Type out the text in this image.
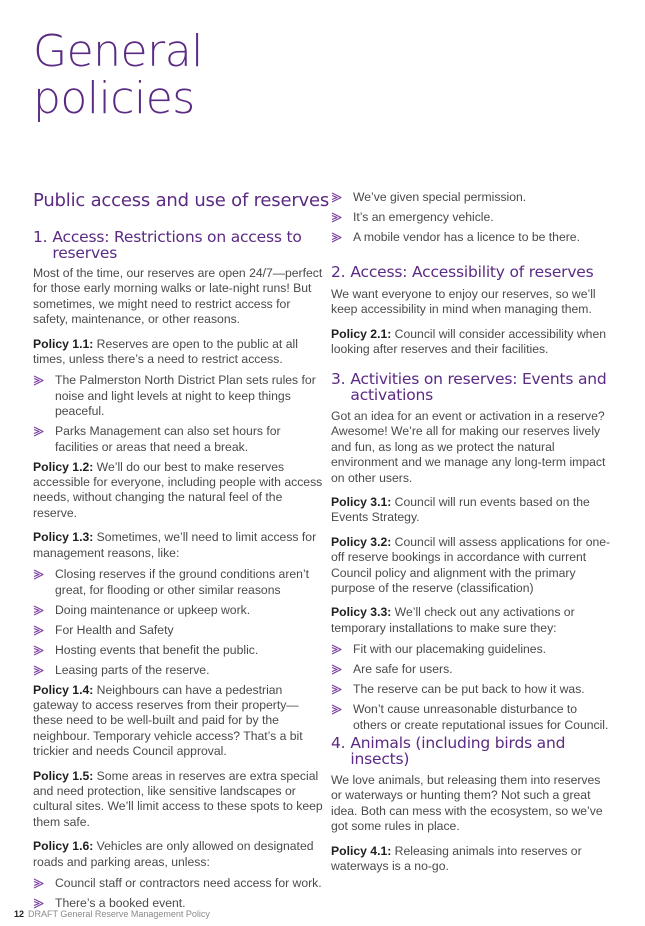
General
policies
Public access and use of reserves
1. Access: Restrictions on access to reserves

Most of the time, our reserves are open 24/7—perfect for those early morning walks or late-night runs! But sometimes, we might need to restrict access for safety, maintenance, or other reasons.

Policy 1.1: Reserves are open to the public at all times, unless there’s a need to restrict access.

The Palmerston North District Plan sets rules for noise and light levels at night to keep things peaceful.
Parks Management can also set hours for facilities or areas that need a break.

Policy 1.2: We’ll do our best to make reserves accessible for everyone, including people with access needs, without changing the natural feel of the reserve.

Policy 1.3: Sometimes, we’ll need to limit access for management reasons, like:

Closing reserves if the ground conditions aren’t great, for flooding or other similar reasons
Doing maintenance or upkeep work.
For Health and Safety
Hosting events that benefit the public.
Leasing parts of the reserve.

Policy 1.4: Neighbours can have a pedestrian gateway to access reserves from their property—these need to be well-built and paid for by the neighbour. Temporary vehicle access? That’s a bit trickier and needs Council approval.

Policy 1.5: Some areas in reserves are extra special and need protection, like sensitive landscapes or cultural sites. We’ll limit access to these spots to keep them safe.

Policy 1.6: Vehicles are only allowed on designated roads and parking areas, unless:

Council staff or contractors need access for work.
There’s a booked event.
We’ve given special permission.
It’s an emergency vehicle.
A mobile vendor has a licence to be there.
2. Access: Accessibility of reserves

We want everyone to enjoy our reserves, so we’ll keep accessibility in mind when managing them.

Policy 2.1: Council will consider accessibility when looking after reserves and their facilities.

3. Activities on reserves: Events and activations

Got an idea for an event or activation in a reserve? Awesome! We’re all for making our reserves lively and fun, as long as we protect the natural environment and we manage any long-term impact on other users.

Policy 3.1: Council will run events based on the Events Strategy.

Policy 3.2: Council will assess applications for one-off reserve bookings in accordance with current Council policy and alignment with the primary purpose of the reserve (classification)

Policy 3.3: We’ll check out any activations or temporary installations to make sure they:

Fit with our placemaking guidelines.
Are safe for users.
The reserve can be put back to how it was.
Won’t cause unreasonable disturbance to others or create reputational issues for Council.
4. Animals (including birds and insects)

We love animals, but releasing them into reserves or waterways or hunting them? Not such a great idea. Both can mess with the ecosystem, so we’ve got some rules in place.

Policy 4.1: Releasing animals into reserves or waterways is a no-go.

12 DRAFT General Reserve Management Policy
